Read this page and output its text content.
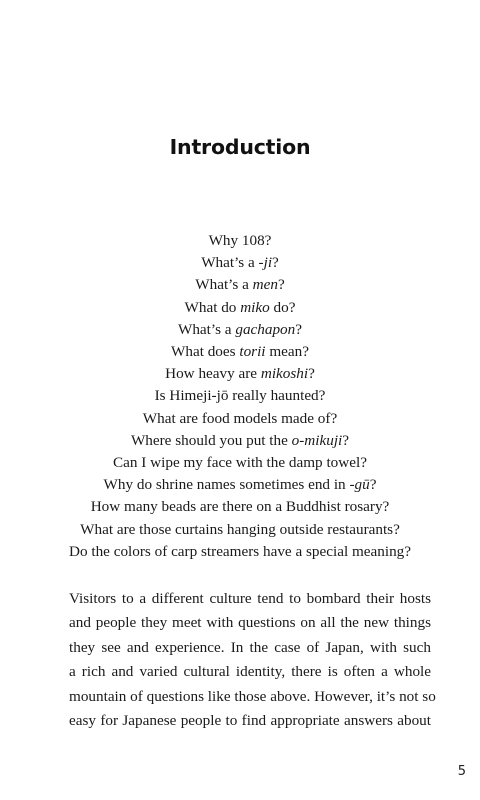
Introduction
Why 108?
What’s a -ji?
What’s a men?
What do miko do?
What’s a gachapon?
What does torii mean?
How heavy are mikoshi?
Is Himeji-jō really haunted?
What are food models made of?
Where should you put the o-mikuji?
Can I wipe my face with the damp towel?
Why do shrine names sometimes end in -gū?
How many beads are there on a Buddhist rosary?
What are those curtains hanging outside restaurants?
Do the colors of carp streamers have a special meaning?

Visitors to a different culture tend to bombard their hosts
and people they meet with questions on all the new things
they see and experience. In the case of Japan, with such
a rich and varied cultural identity, there is often a whole
mountain of questions like those above. However, it’s not so
easy for Japanese people to find appropriate answers about

5
